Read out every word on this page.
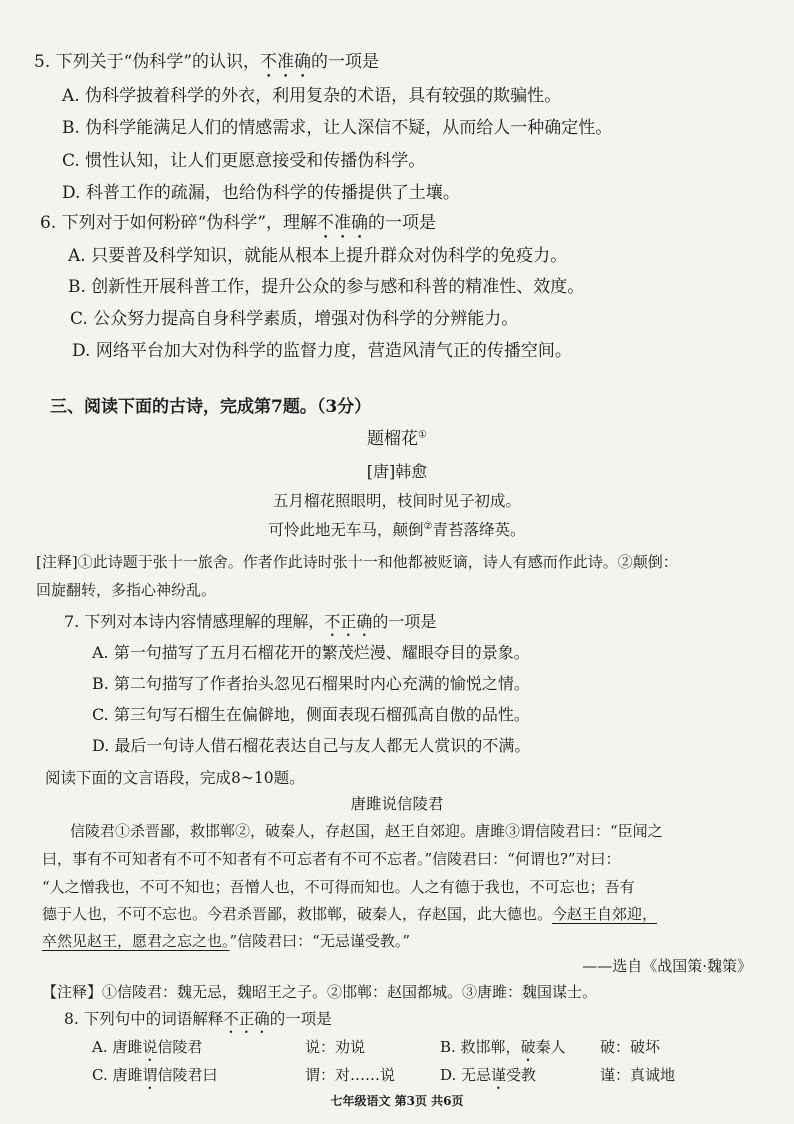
5. 下列关于“伪科学”的认识，不准确的一项是
A. 伪科学披着科学的外衣，利用复杂的术语，具有较强的欺骗性。
B. 伪科学能满足人们的情感需求，让人深信不疑，从而给人一种确定性。
C. 惯性认知，让人们更愿意接受和传播伪科学。
D. 科普工作的疏漏，也给伪科学的传播提供了土壤。
6. 下列对于如何粉碎“伪科学”，理解不准确的一项是
A. 只要普及科学知识，就能从根本上提升群众对伪科学的免疫力。
B. 创新性开展科普工作，提升公众的参与感和科普的精准性、效度。
C. 公众努力提高自身科学素质，增强对伪科学的分辨能力。
D. 网络平台加大对伪科学的监督力度，营造风清气正的传播空间。
三、阅读下面的古诗，完成第7题。（3分）
题榴花①
[唐]韩愈
五月榴花照眼明，枝间时见子初成。
可怜此地无车马，颠倒②青苔落绛英。
[注释]①此诗题于张十一旅舍。作者作此诗时张十一和他都被贬谪，诗人有感而作此诗。②颠倒：
回旋翻转，多指心神纷乱。
7. 下列对本诗内容情感理解的理解，不正确的一项是
A. 第一句描写了五月石榴花开的繁茂烂漫、耀眼夺目的景象。
B. 第二句描写了作者抬头忽见石榴果时内心充满的愉悦之情。
C. 第三句写石榴生在偏僻地，侧面表现石榴孤高自傲的品性。
D. 最后一句诗人借石榴花表达自己与友人都无人赏识的不满。
阅读下面的文言语段，完成8~10题。
唐雎说信陵君
信陵君①杀晋鄙，救邯郸②，破秦人，存赵国，赵王自郊迎。唐雎③谓信陵君曰：“臣闻之
曰，事有不可知者有不可不知者有不可忘者有不可不忘者。”信陵君曰：“何谓也?”对曰：
“人之憎我也，不可不知也；吾憎人也，不可得而知也。人之有德于我也，不可忘也；吾有
德于人也，不可不忘也。今君杀晋鄙，救邯郸，破秦人，存赵国，此大德也。今赵王自郊迎，
卒然见赵王，愿君之忘之也。”信陵君曰：“无忌谨受教。”
——选自《战国策·魏策》
【注释】①信陵君：魏无忌，魏昭王之子。②邯郸：赵国都城。③唐雎：魏国谋士。
8. 下列句中的词语解释不正确的一项是
A. 唐雎说信陵君	说：劝说	B. 救邯郸，破秦人 破：破坏
C. 唐雎谓信陵君曰	谓：对……说	D. 无忌谨受教	谨：真诚地
七年级语文 第3页 共6页
